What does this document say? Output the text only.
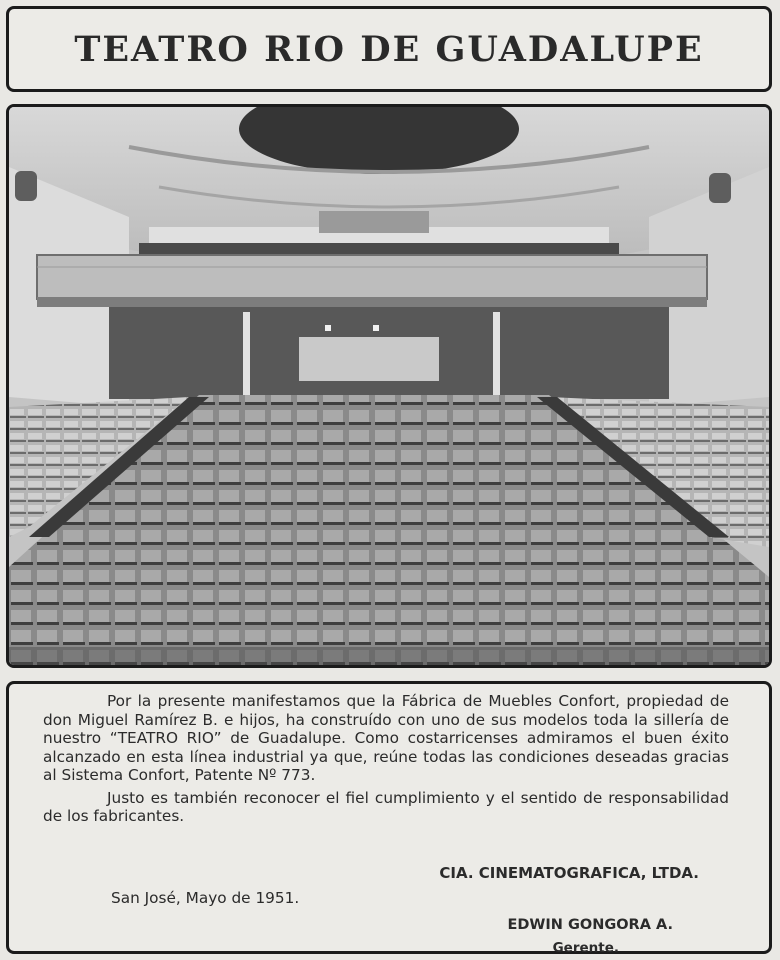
TEATRO RIO DE GUADALUPE

Por la presente manifestamos que la Fábrica de Muebles Confort, propiedad de don Miguel Ramírez B. e hijos, ha construído con uno de sus modelos toda la sillería de nuestro “TEATRO RIO” de Guadalupe. Como costarricenses admiramos el buen éxito alcanzado en esta línea industrial ya que, reúne todas las condiciones deseadas gracias al Sistema Confort, Patente Nº 773.

Justo es también reconocer el fiel cumplimiento y el sentido de responsabilidad de los fabricantes.

CIA. CINEMATOGRAFICA, LTDA.
San José, Mayo de 1951.
EDWIN GONGORA A.
Gerente.
